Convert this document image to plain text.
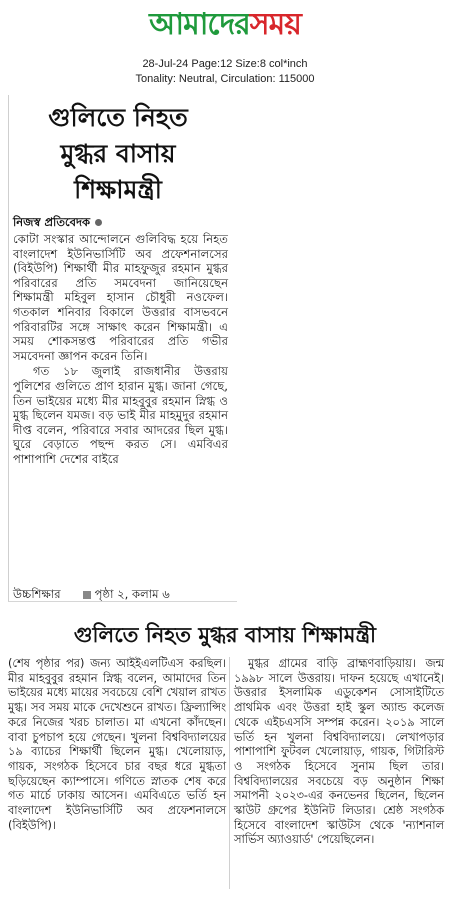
আমাদেরসময়
28-Jul-24 Page:12 Size:8 col*inch
Tonality: Neutral, Circulation: 115000
গুলিতে নিহত
মুগ্ধর বাসায়
শিক্ষামন্ত্রী
নিজস্ব প্রতিবেদক

কোটা সংস্কার আন্দোলনে গুলিবিদ্ধ হয়ে নিহত বাংলাদেশ ইউনিভার্সিটি অব প্রফেশনালসের (বিইউপি) শিক্ষার্থী মীর মাহফুজুর রহমান মুগ্ধর পরিবারের প্রতি সমবেদনা জানিয়েছেন শিক্ষামন্ত্রী মহিবুল হাসান চৌধুরী নওফেল। গতকাল শনিবার বিকালে উত্তরার বাসভবনে পরিবারটির সঙ্গে সাক্ষাৎ করেন শিক্ষামন্ত্রী। এ সময় শোকসন্তপ্ত পরিবারের প্রতি গভীর সমবেদনা জ্ঞাপন করেন তিনি।

গত ১৮ জুলাই রাজধানীর উত্তরায় পুলিশের গুলিতে প্রাণ হারান মুগ্ধ। জানা গেছে, তিন ভাইয়ের মধ্যে মীর মাহবুবুর রহমান স্নিগ্ধ ও মুগ্ধ ছিলেন যমজ। বড় ভাই মীর মাহমুদুর রহমান দীপ্ত বলেন, পরিবারে সবার আদরের ছিল মুগ্ধ। ঘুরে বেড়াতে পছন্দ করত সে। এমবিএর পাশাপাশি দেশের বাইরে

উচ্চশিক্ষার	পৃষ্ঠা ২, কলাম ৬
গুলিতে নিহত মুগ্ধর বাসায় শিক্ষামন্ত্রী

(শেষ পৃষ্ঠার পর) জন্য আইইএলটিএস করছিল। মীর মাহবুবুর রহমান স্নিগ্ধ বলেন, আমাদের তিন ভাইয়ের মধ্যে মায়ের সবচেয়ে বেশি খেয়াল রাখত মুগ্ধ। সব সময় মাকে দেখেশুনে রাখত। ফ্রিল্যান্সিং করে নিজের খরচ চালাত। মা এখনো কাঁদছেন। বাবা চুপচাপ হয়ে গেছেন। খুলনা বিশ্ববিদ্যালয়ের ১৯ ব্যাচের শিক্ষার্থী ছিলেন মুগ্ধ। খেলোয়াড়, গায়ক, সংগঠক হিসেবে চার বছর ধরে মুগ্ধতা ছড়িয়েছেন ক্যাম্পাসে। গণিতে স্নাতক শেষ করে গত মার্চে ঢাকায় আসেন। এমবিএতে ভর্তি হন বাংলাদেশ ইউনিভার্সিটি অব প্রফেশনালসে (বিইউপি)।

মুগ্ধর গ্রামের বাড়ি ব্রাহ্মণবাড়িয়ায়। জন্ম ১৯৯৮ সালে উত্তরায়। দাফন হয়েছে এখানেই। উত্তরার ইসলামিক এডুকেশন সোসাইটিতে প্রাথমিক এবং উত্তরা হাই স্কুল অ্যান্ড কলেজ থেকে এইচএসসি সম্পন্ন করেন। ২০১৯ সালে ভর্তি হন খুলনা বিশ্ববিদ্যালয়ে। লেখাপড়ার পাশাপাশি ফুটবল খেলোয়াড়, গায়ক, গিটারিস্ট ও সংগঠক হিসেবে সুনাম ছিল তার। বিশ্ববিদ্যালয়ের সবচেয়ে বড় অনুষ্ঠান শিক্ষা সমাপনী ২০২৩-এর কনভেনর ছিলেন, ছিলেন স্কাউট গ্রুপের ইউনিট লিডার। শ্রেষ্ঠ সংগঠক হিসেবে বাংলাদেশ স্কাউটস থেকে 'ন্যাশনাল সার্ভিস অ্যাওয়ার্ড' পেয়েছিলেন।
